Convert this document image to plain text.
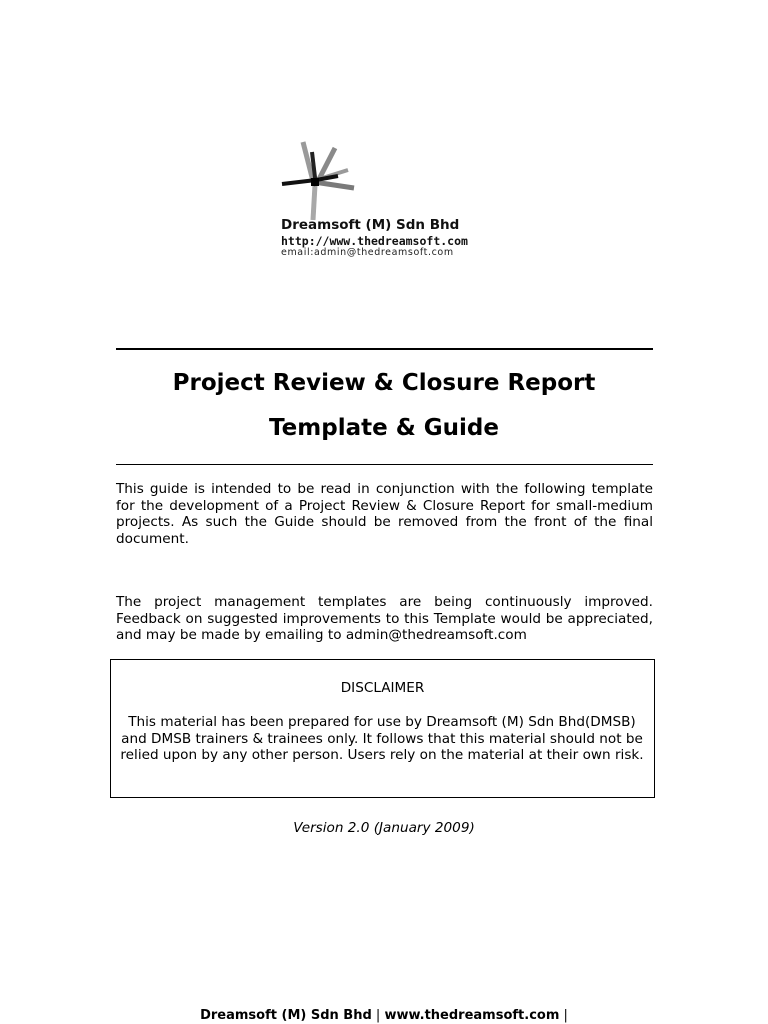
Dreamsoft (M) Sdn Bhd
http://www.thedreamsoft.com
email:admin@thedreamsoft.com
Project Review & Closure Report
Template & Guide

This guide is intended to be read in conjunction with the following template for the development of a Project Review & Closure Report for small-medium projects. As such the Guide should be removed from the front of the final document.

The project management templates are being continuously improved. Feedback on suggested improvements to this Template would be appreciated, and may be made by emailing to admin@thedreamsoft.com

DISCLAIMER
This material has been prepared for use by Dreamsoft (M) Sdn Bhd(DMSB) and DMSB trainers & trainees only. It follows that this material should not be relied upon by any other person. Users rely on the material at their own risk.
Version 2.0 (January 2009)
Dreamsoft (M) Sdn Bhd | www.thedreamsoft.com |
